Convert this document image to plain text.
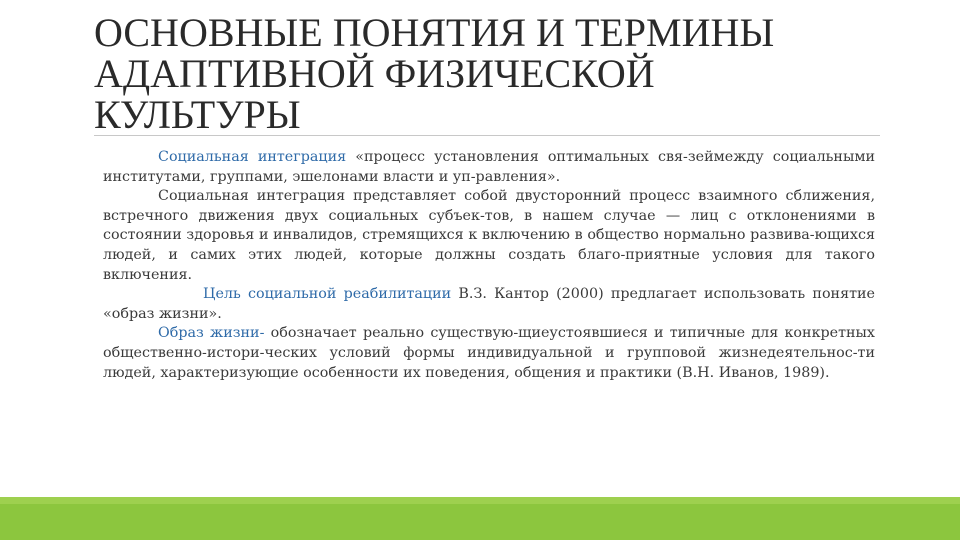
ОСНОВНЫЕ ПОНЯТИЯ И ТЕРМИНЫ
АДАПТИВНОЙ ФИЗИЧЕСКОЙ
КУЛЬТУРЫ

Социальная интеграция «процесс установления оптимальных свя-зеймежду социальными институтами, группами, эшелонами власти и уп-равления».

Социальная интеграция представляет собой двусторонний процесс взаимного сближения, встречного движения двух социальных субъек-тов, в нашем случае — лиц с отклонениями в состоянии здоровья и инвалидов, стремящихся к включению в общество нормально развива-ющихся людей, и самих этих людей, которые должны создать благо-приятные условия для такого включения.

Цель социальной реабилитации В.З. Кантор (2000) предлагает использовать понятие «образ жизни».

Образ жизни- обозначает реально существую-щиеустоявшиеся и типичные для конкретных общественно-истори-ческих условий формы индивидуальной и групповой жизнедеятельнос-ти людей, характеризующие особенности их поведения, общения и практики (В.Н. Иванов, 1989).
